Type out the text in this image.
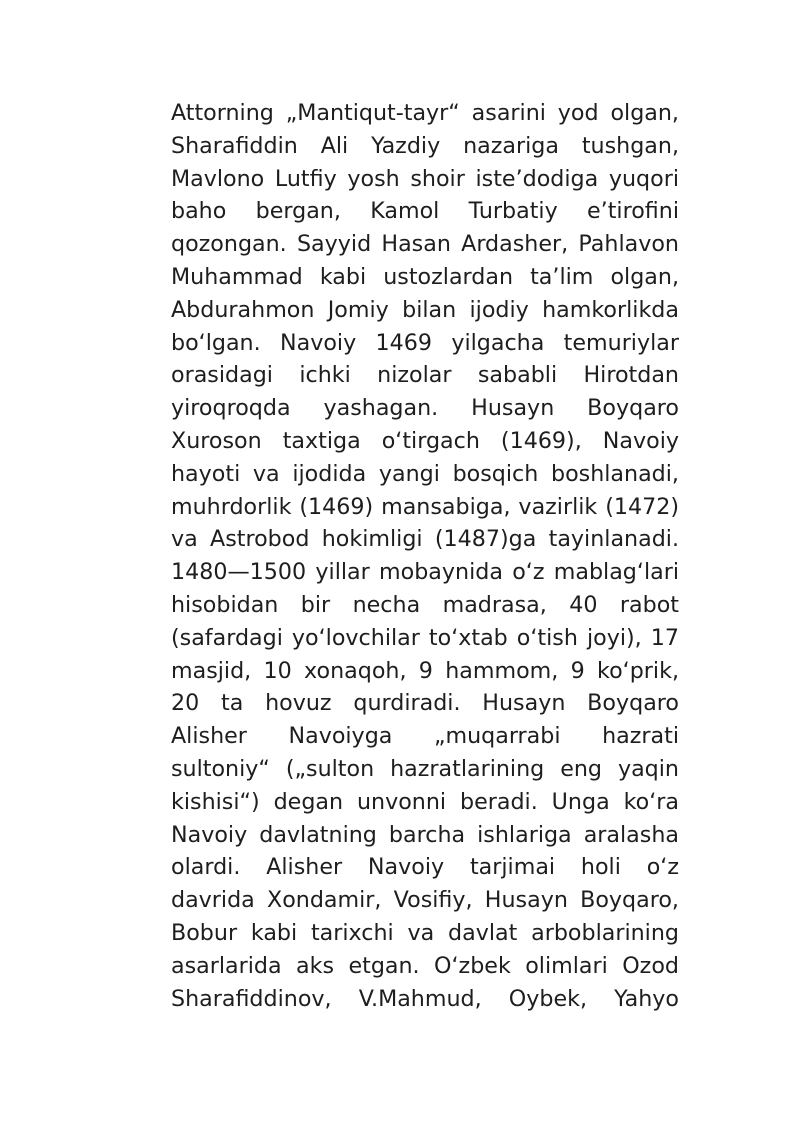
Attorning „Mantiqut-tayr“ asarini yod olgan,
Sharafiddin Ali Yazdiy nazariga tushgan,
Mavlono Lutfiy yosh shoir iste’dodiga yuqori
baho bergan, Kamol Turbatiy e’tirofini
qozongan. Sayyid Hasan Ardasher, Pahlavon
Muhammad kabi ustozlardan ta’lim olgan,
Abdurahmon Jomiy bilan ijodiy hamkorlikda
bo‘lgan. Navoiy 1469 yilgacha temuriylar
orasidagi ichki nizolar sababli Hirotdan
yiroqroqda yashagan. Husayn Boyqaro
Xuroson taxtiga o‘tirgach (1469), Navoiy
hayoti va ijodida yangi bosqich boshlanadi,
muhrdorlik (1469) mansabiga, vazirlik (1472)
va Astrobod hokimligi (1487)ga tayinlanadi.
1480—1500 yillar mobaynida o‘z mablag‘lari
hisobidan bir necha madrasa, 40 rabot
(safardagi yo‘lovchilar to‘xtab o‘tish joyi), 17
masjid, 10 xonaqoh, 9 hammom, 9 ko‘prik,
20 ta hovuz qurdiradi. Husayn Boyqaro
Alisher Navoiyga „muqarrabi hazrati
sultoniy“ („sulton hazratlarining eng yaqin
kishisi“) degan unvonni beradi. Unga ko‘ra
Navoiy davlatning barcha ishlariga aralasha
olardi. Alisher Navoiy tarjimai holi o‘z
davrida Xondamir, Vosifiy, Husayn Boyqaro,
Bobur kabi tarixchi va davlat arboblarining
asarlarida aks etgan. O‘zbek olimlari Ozod
Sharafiddinov, V.Mahmud, Oybek, Yahyo
